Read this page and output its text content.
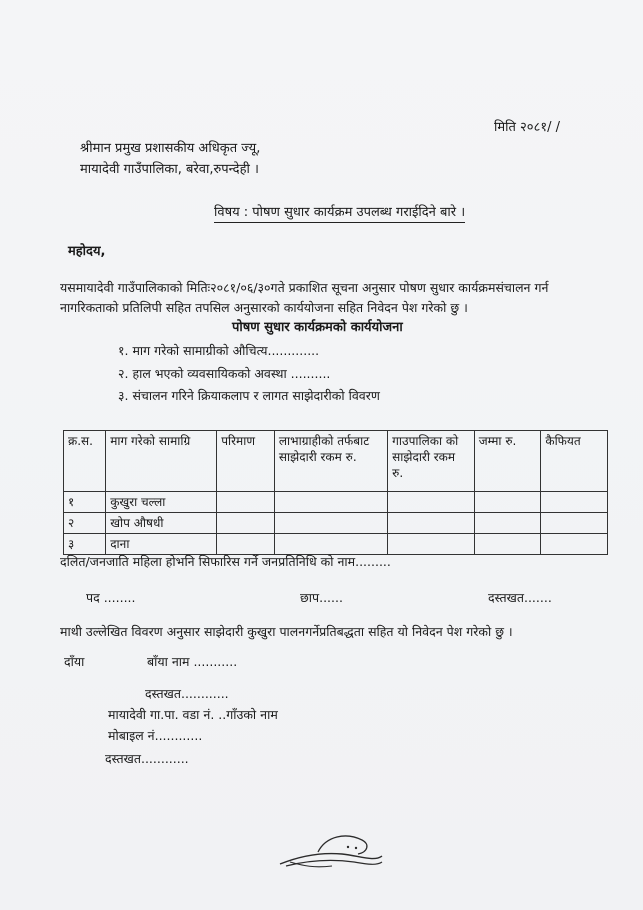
मिति २०८१/ /
श्रीमान प्रमुख प्रशासकीय अधिकृत ज्यू,
मायादेवी गाउँपालिका, बरेवा,रुपन्देही ।
विषय : पोषण सुधार कार्यक्रम उपलब्ध गराईदिने बारे ।
महोदय,
यसमायादेवी गाउँपालिकाको मितिः२०८१/०६/३०गते प्रकाशित सूचना अनुसार पोषण सुधार कार्यक्रमसंचालन गर्न
नागरिकताको प्रतिलिपी सहित तपसिल अनुसारको कार्ययोजना सहित निवेदन पेश गरेको छु ।
पोषण सुधार कार्यक्रमको कार्ययोजना
१. माग गरेको सामाग्रीको औचित्य.............
२. हाल भएको व्यवसायिकको अवस्था ..........
३. संचालन गरिने क्रियाकलाप र लागत साझेदारीको विवरण
क्र.स.	माग गरेको सामाग्रि	परिमाण	लाभाग्राहीको तर्फबाट साझेदारी रकम रु.	गाउपालिका को साझेदारी रकम रु.	जम्मा रु.	कैफियत
१	कुखुरा चल्ला					
२	खोप औषधी					
३	दाना					
दलित/जनजाति महिला होभनि सिफारिस गर्ने जनप्रतिनिधि को नाम.........
पद ........	छाप......	दस्तखत.......
माथी उल्लेखित विवरण अनुसार साझेदारी कुखुरा पालनगर्नेप्रतिबद्धता सहित यो निवेदन पेश गरेको छु ।
दाँया	बाँया नाम ...........
दस्तखत............
मायादेवी गा.पा. वडा नं. ..गाँउको नाम
मोबाइल नं............
दस्तखत............
